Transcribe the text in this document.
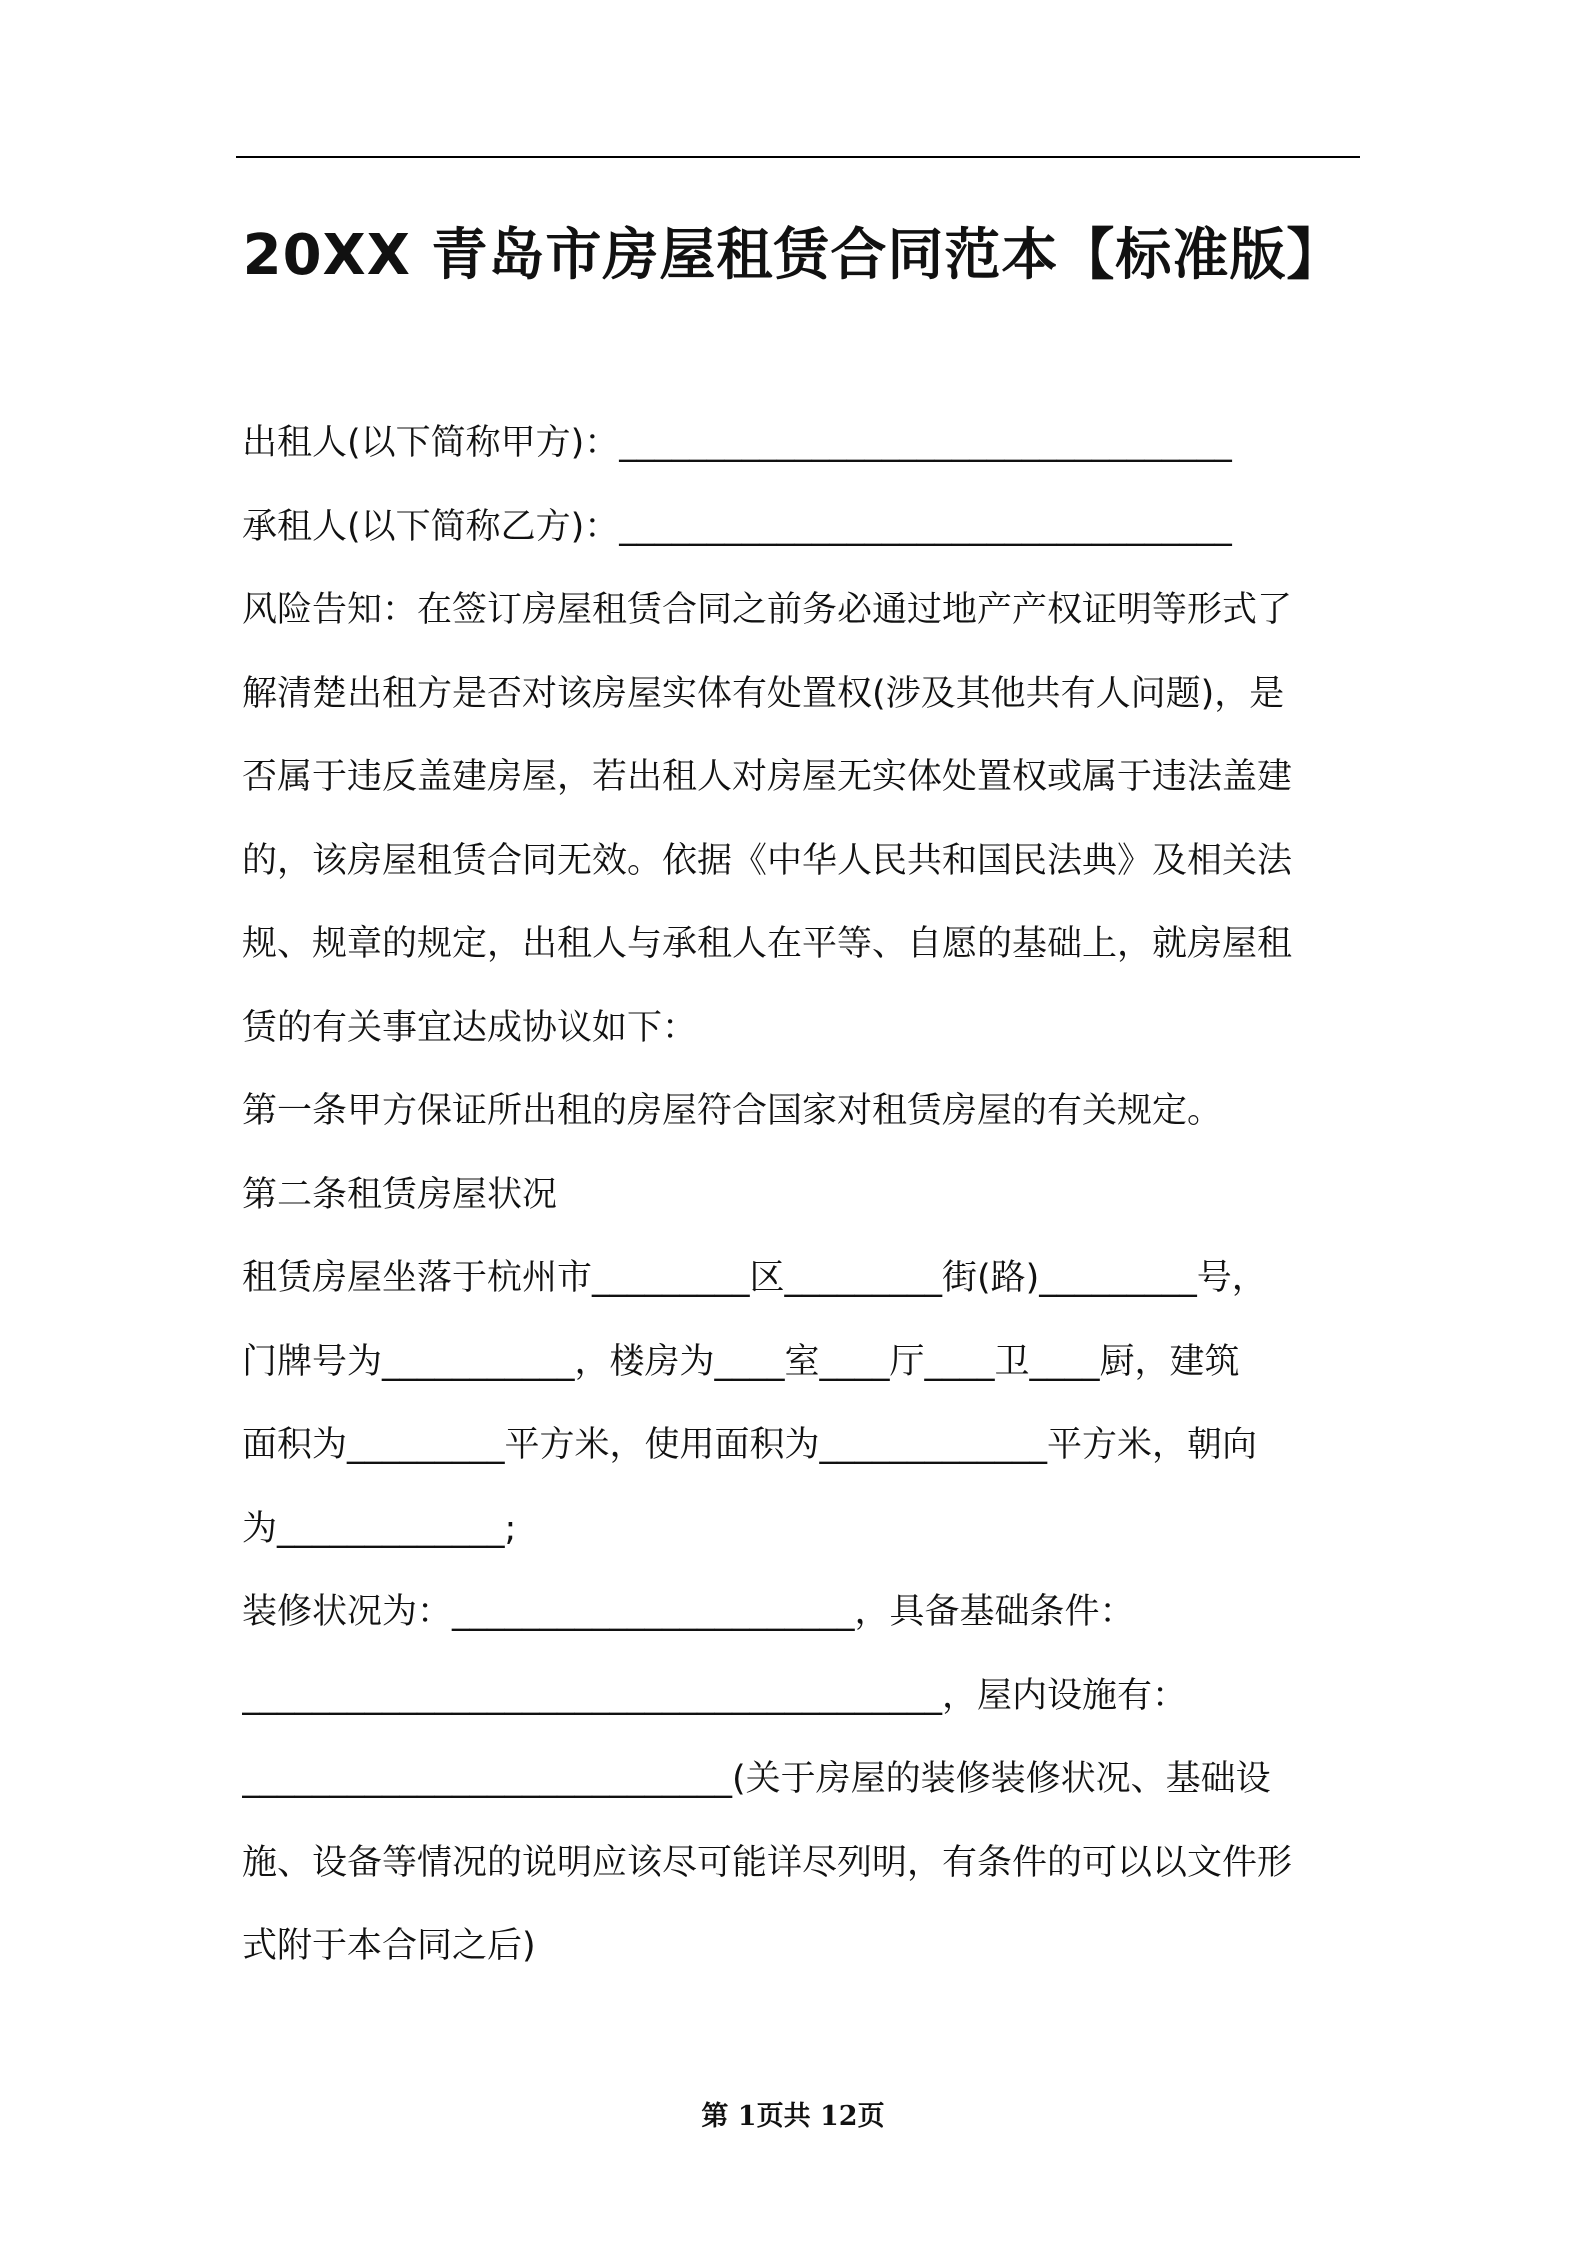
20XX 青岛市房屋租赁合同范本【标准版】

出租人(以下简称甲方)：___________________________________

承租人(以下简称乙方)：___________________________________

风险告知：在签订房屋租赁合同之前务必通过地产产权证明等形式了

解清楚出租方是否对该房屋实体有处置权(涉及其他共有人问题)，是

否属于违反盖建房屋，若出租人对房屋无实体处置权或属于违法盖建

的，该房屋租赁合同无效。依据《中华人民共和国民法典》及相关法

规、规章的规定，出租人与承租人在平等、自愿的基础上，就房屋租

赁的有关事宜达成协议如下：

第一条甲方保证所出租的房屋符合国家对租赁房屋的有关规定。

第二条租赁房屋状况

租赁房屋坐落于杭州市_________区_________街(路)_________号，

门牌号为___________，楼房为____室____厅____卫____厨，建筑

面积为_________平方米，使用面积为_____________平方米，朝向

为_____________;

装修状况为：_______________________，具备基础条件：

________________________________________，屋内设施有：

____________________________(关于房屋的装修装修状况、基础设

施、设备等情况的说明应该尽可能详尽列明，有条件的可以以文件形

式附于本合同之后)

第 1页共 12页
